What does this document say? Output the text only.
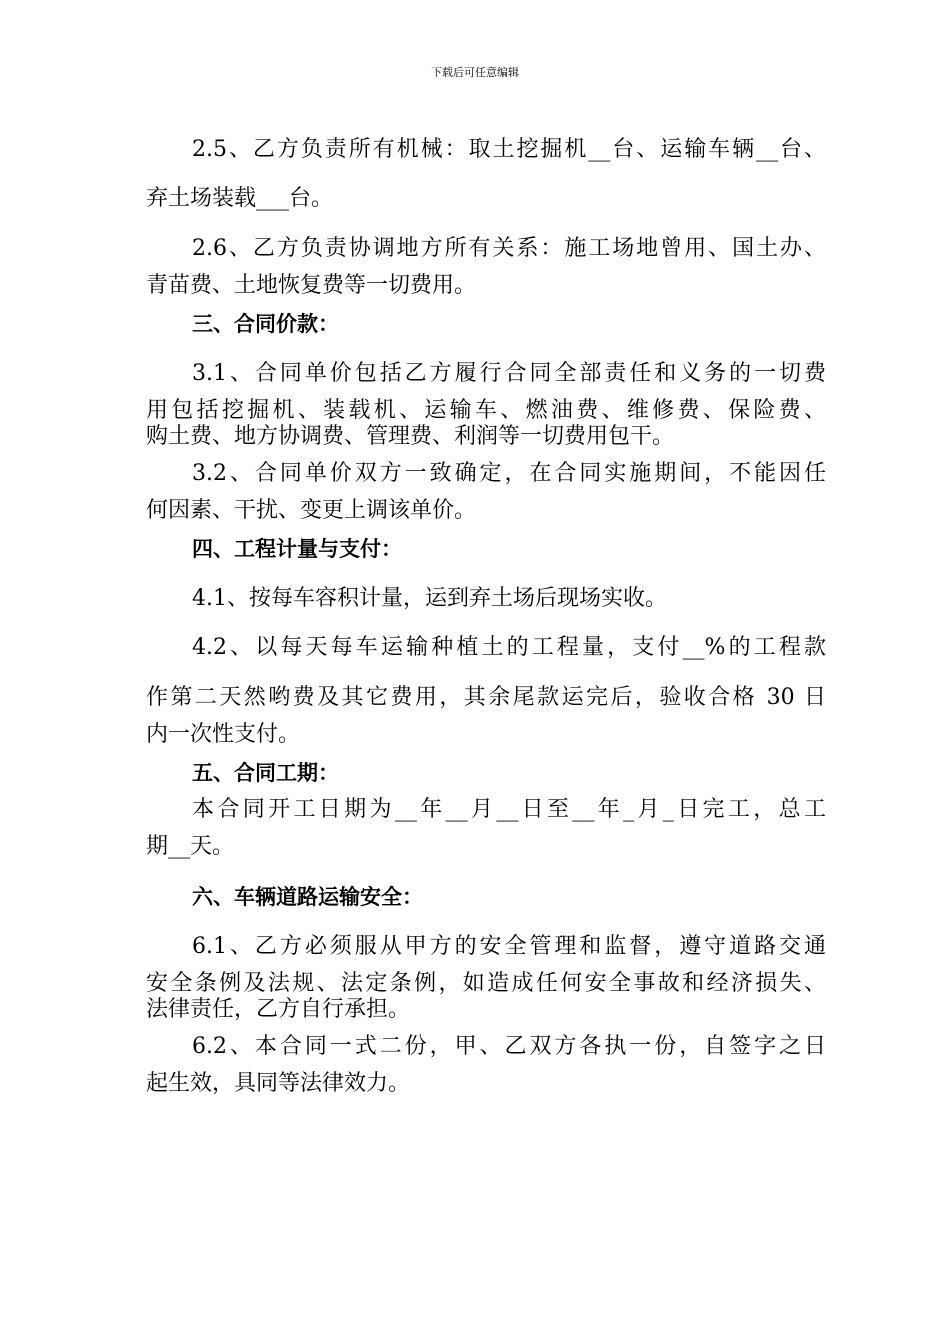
下载后可任意编辑
2.5、乙方负责所有机械：取土挖掘机__台、运输车辆__台、
弃土场装载___台。
2.6、乙方负责协调地方所有关系：施工场地曾用、国土办、
青苗费、土地恢复费等一切费用。
三、合同价款：
3.1、合同单价包括乙方履行合同全部责任和义务的一切费
用包括挖掘机、装载机、运输车、燃油费、维修费、保险费、
购土费、地方协调费、管理费、利润等一切费用包干。
3.2、合同单价双方一致确定，在合同实施期间，不能因任
何因素、干扰、变更上调该单价。
四、工程计量与支付：
4.1、按每车容积计量，运到弃土场后现场实收。
4.2、以每天每车运输种植土的工程量，支付__%的工程款
作第二天然哟费及其它费用，其余尾款运完后，验收合格 30 日
内一次性支付。
五、合同工期：
本合同开工日期为__年__月__日至__年_月_日完工，总工
期__天。
六、车辆道路运输安全：
6.1、乙方必须服从甲方的安全管理和监督，遵守道路交通
安全条例及法规、法定条例，如造成任何安全事故和经济损失、
法律责任，乙方自行承担。
6.2、本合同一式二份，甲、乙双方各执一份，自签字之日
起生效，具同等法律效力。
